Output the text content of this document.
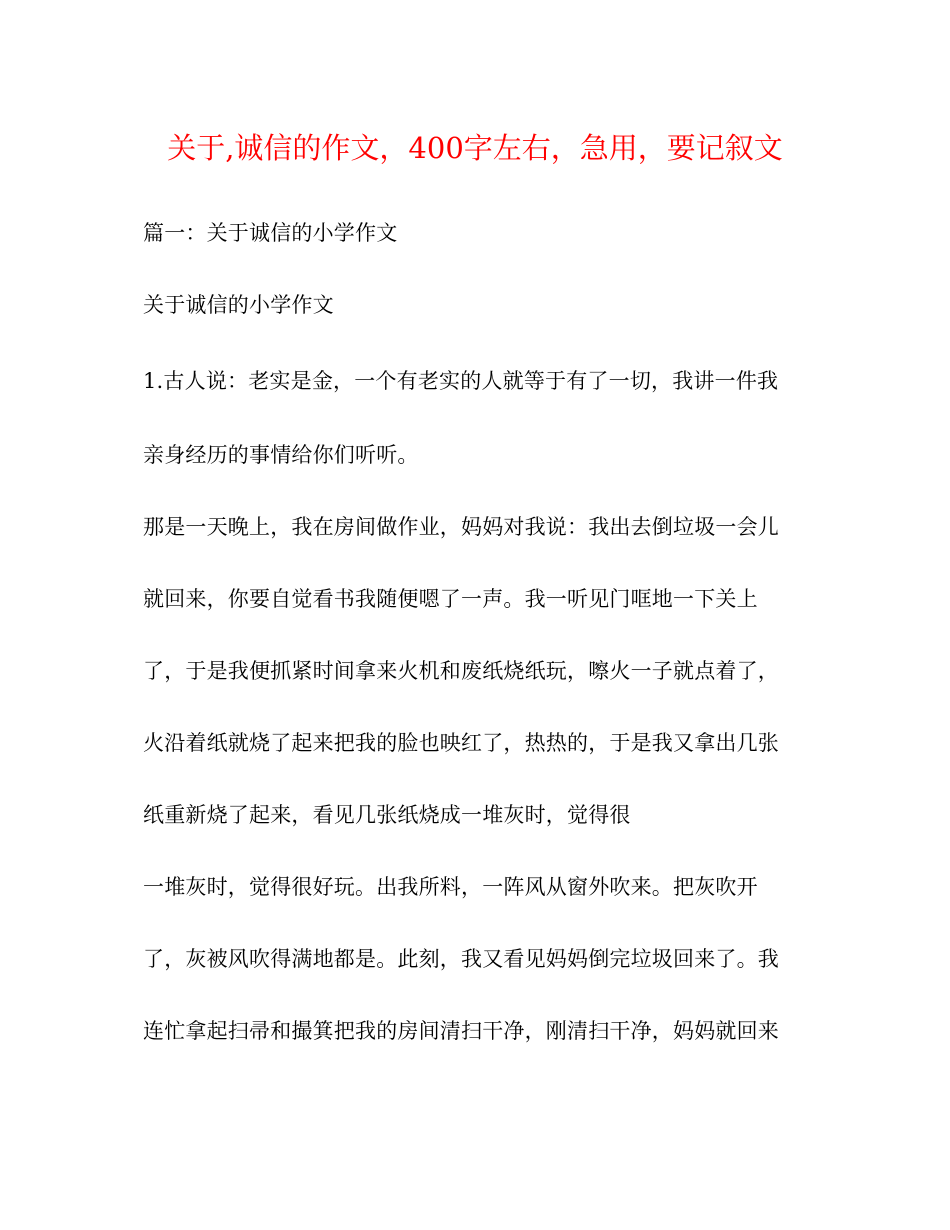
关于,诚信的作文，400字左右，急用，要记叙文

篇一：关于诚信的小学作文

关于诚信的小学作文

1.古人说：老实是金，一个有老实的人就等于有了一切，我讲一件我

亲身经历的事情给你们听听。

那是一天晚上，我在房间做作业，妈妈对我说：我出去倒垃圾一会儿

就回来，你要自觉看书我随便嗯了一声。我一听见门哐地一下关上

了，于是我便抓紧时间拿来火机和废纸烧纸玩，嚓火一子就点着了，

火沿着纸就烧了起来把我的脸也映红了，热热的，于是我又拿出几张

纸重新烧了起来，看见几张纸烧成一堆灰时，觉得很

一堆灰时，觉得很好玩。出我所料，一阵风从窗外吹来。把灰吹开

了，灰被风吹得满地都是。此刻，我又看见妈妈倒完垃圾回来了。我

连忙拿起扫帚和撮箕把我的房间清扫干净，刚清扫干净，妈妈就回来
